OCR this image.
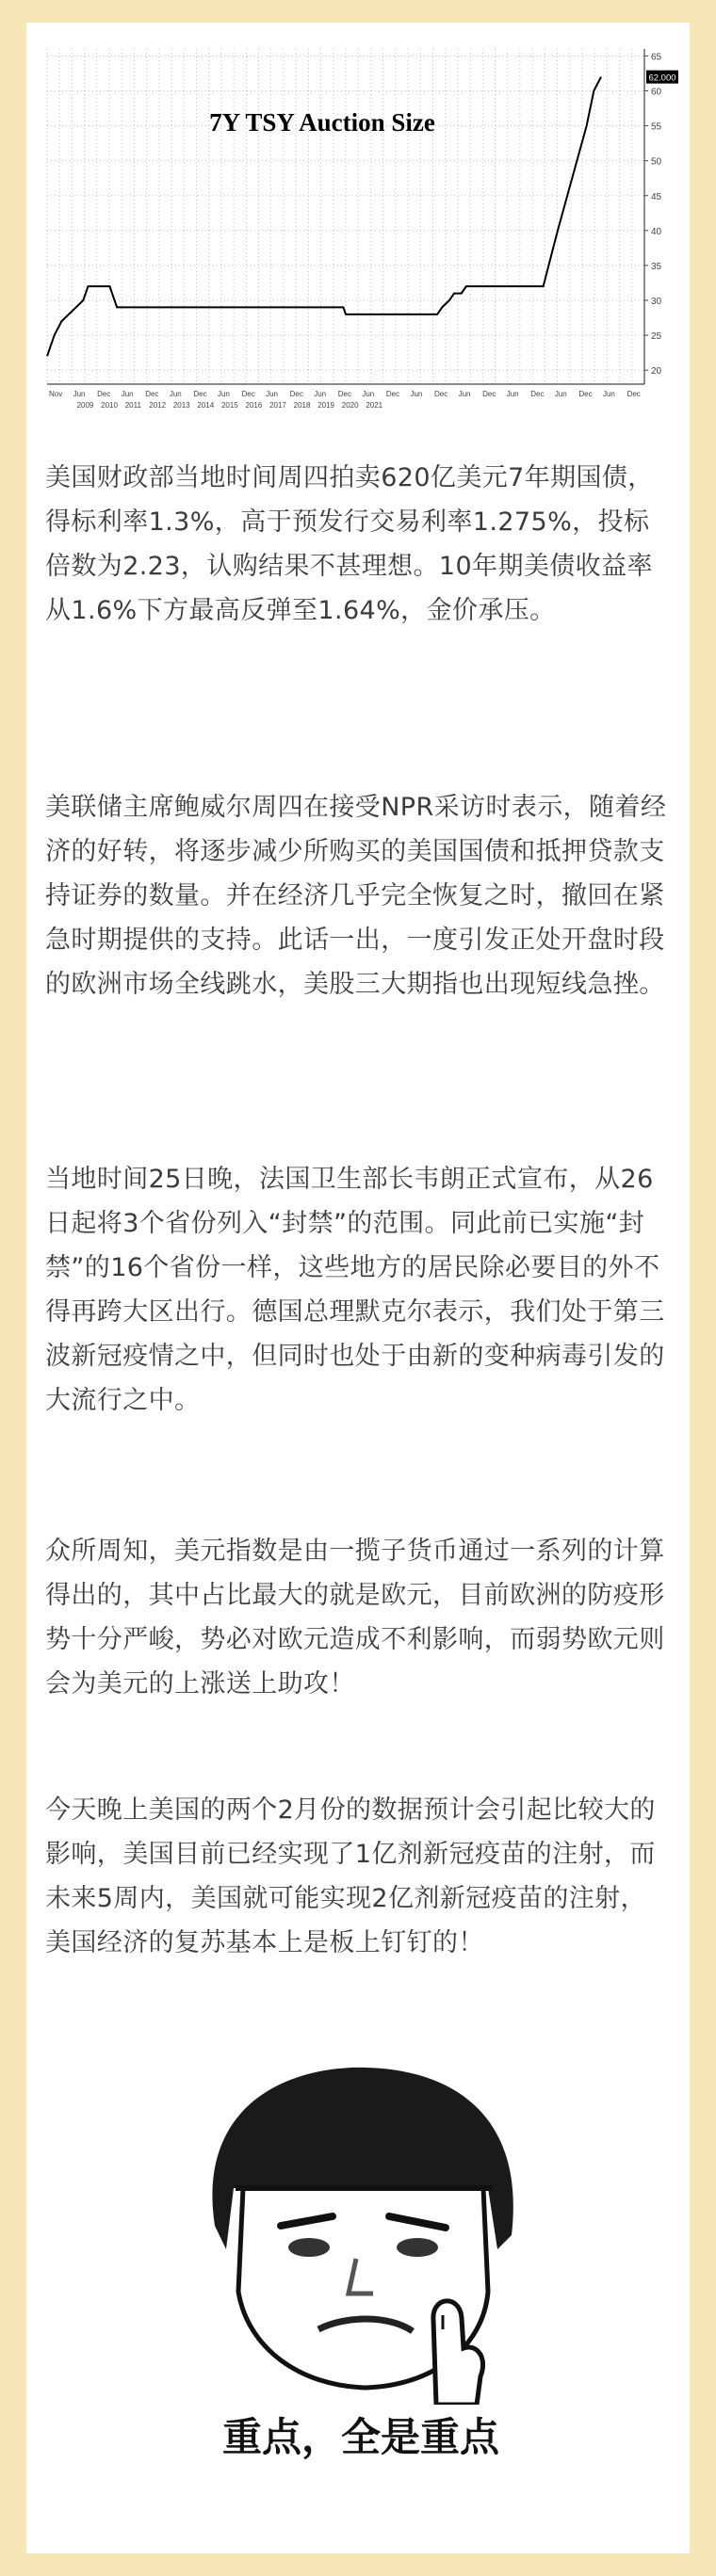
20
25
30
35
40
45
50
55
60
65
Nov Jun
2009
Dec
2010
Jun
2011
Dec
2012
Jun
2013
Dec
2014
Jun
2015
Dec
2016
Jun
2017
Dec
2018
Jun
2019
Dec
2020
Jun
2021
Dec Jun Dec Jun Dec Jun Dec Jun Dec Jun Dec
7Y TSY Auction Size
62.000

美国财政部当地时间周四拍卖620亿美元7年期国债，得标利率1.3%，高于预发行交易利率1.275%，投标倍数为2.23，认购结果不甚理想。10年期美债收益率从1.6%下方最高反弹至1.64%，金价承压。

美联储主席鲍威尔周四在接受NPR采访时表示，随着经济的好转，将逐步减少所购买的美国国债和抵押贷款支持证券的数量。并在经济几乎完全恢复之时，撤回在紧急时期提供的支持。此话一出，一度引发正处开盘时段的欧洲市场全线跳水，美股三大期指也出现短线急挫。

当地时间25日晚，法国卫生部长韦朗正式宣布，从26日起将3个省份列入“封禁”的范围。同此前已实施“封禁”的16个省份一样，这些地方的居民除必要目的外不得再跨大区出行。德国总理默克尔表示，我们处于第三波新冠疫情之中，但同时也处于由新的变种病毒引发的大流行之中。

众所周知，美元指数是由一揽子货币通过一系列的计算得出的，其中占比最大的就是欧元，目前欧洲的防疫形势十分严峻，势必对欧元造成不利影响，而弱势欧元则会为美元的上涨送上助攻！

今天晚上美国的两个2月份的数据预计会引起比较大的影响，美国目前已经实现了1亿剂新冠疫苗的注射，而未来5周内，美国就可能实现2亿剂新冠疫苗的注射，美国经济的复苏基本上是板上钉钉的！

重点，全是重点
